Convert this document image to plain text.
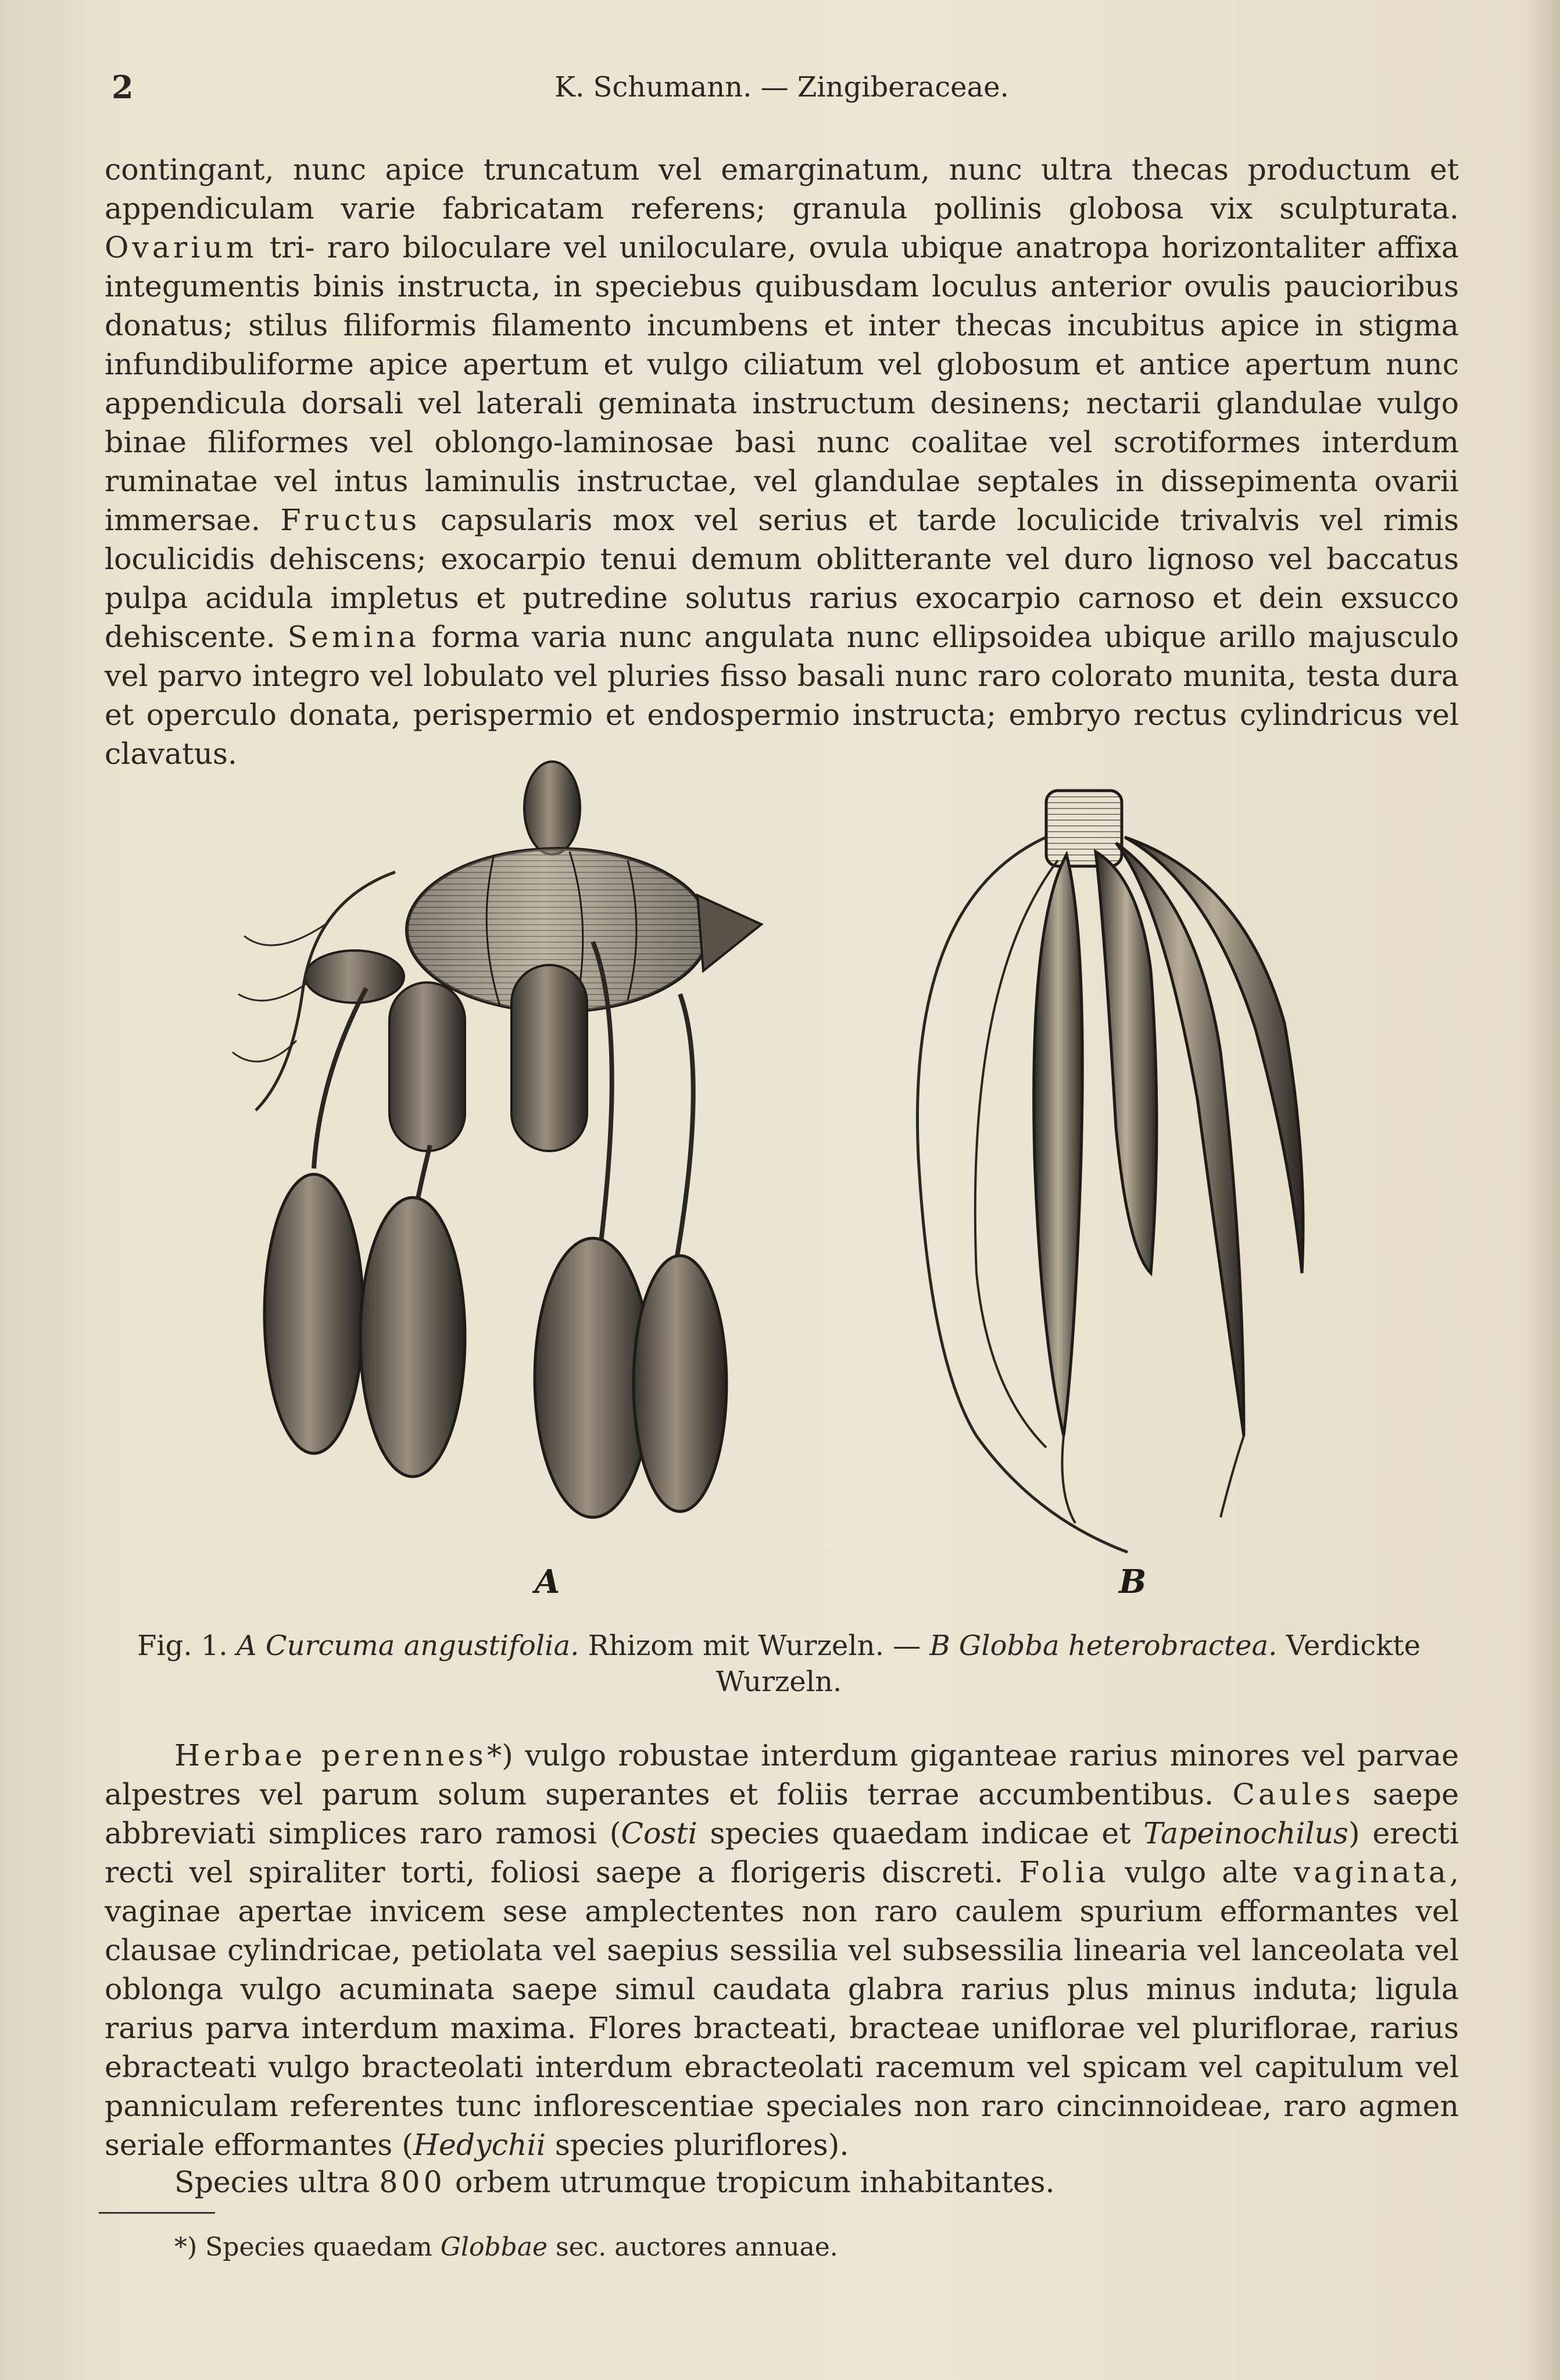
2	K. Schumann. — Zingiberaceae.
contingant, nunc apice truncatum vel emarginatum, nunc ultra thecas productum et appendiculam varie fabricatam referens; granula pollinis globosa vix sculpturata. Ovarium tri- raro biloculare vel uniloculare, ovula ubique anatropa horizontaliter affixa integumentis binis instructa, in speciebus quibusdam loculus anterior ovulis paucioribus donatus; stilus filiformis filamento incumbens et inter thecas incubitus apice in stigma infundibuliforme apice apertum et vulgo ciliatum vel globosum et antice apertum nunc appendicula dorsali vel laterali geminata instructum desinens; nectarii glandulae vulgo binae filiformes vel oblongo-laminosae basi nunc coalitae vel scrotiformes interdum ruminatae vel intus laminulis instructae, vel glandulae septales in dissepimenta ovarii immersae. Fructus capsularis mox vel serius et tarde loculicide trivalvis vel rimis loculicidis dehiscens; exocarpio tenui demum oblitterante vel duro lignoso vel baccatus pulpa acidula impletus et putredine solutus rarius exocarpio carnoso et dein exsucco dehiscente. Semina forma varia nunc angulata nunc ellipsoidea ubique arillo majusculo vel parvo integro vel lobulato vel pluries fisso basali nunc raro colorato munita, testa dura et operculo donata, perispermio et endospermio instructa; embryo rectus cylindricus vel clavatus.
A	B
Fig. 1. A Curcuma angustifolia. Rhizom mit Wurzeln. — B Globba heterobractea. Verdickte Wurzeln.
Herbae perennes*) vulgo robustae interdum giganteae rarius minores vel parvae alpestres vel parum solum superantes et foliis terrae accumbentibus. Caules saepe abbreviati simplices raro ramosi (Costi species quaedam indicae et Tapeinochilus) erecti recti vel spiraliter torti, foliosi saepe a florigeris discreti. Folia vulgo alte vaginata, vaginae apertae invicem sese amplectentes non raro caulem spurium efformantes vel clausae cylindricae, petiolata vel saepius sessilia vel subsessilia linearia vel lanceolata vel oblonga vulgo acuminata saepe simul caudata glabra rarius plus minus induta; ligula rarius parva interdum maxima. Flores bracteati, bracteae uniflorae vel pluriflorae, rarius ebracteati vulgo bracteolati interdum ebracteolati racemum vel spicam vel capitulum vel panniculam referentes tunc inflorescentiae speciales non raro cincinnoideae, raro agmen seriale efformantes (Hedychii species pluriflores).
Species ultra 800 orbem utrumque tropicum inhabitantes.
*) Species quaedam Globbae sec. auctores annuae.
